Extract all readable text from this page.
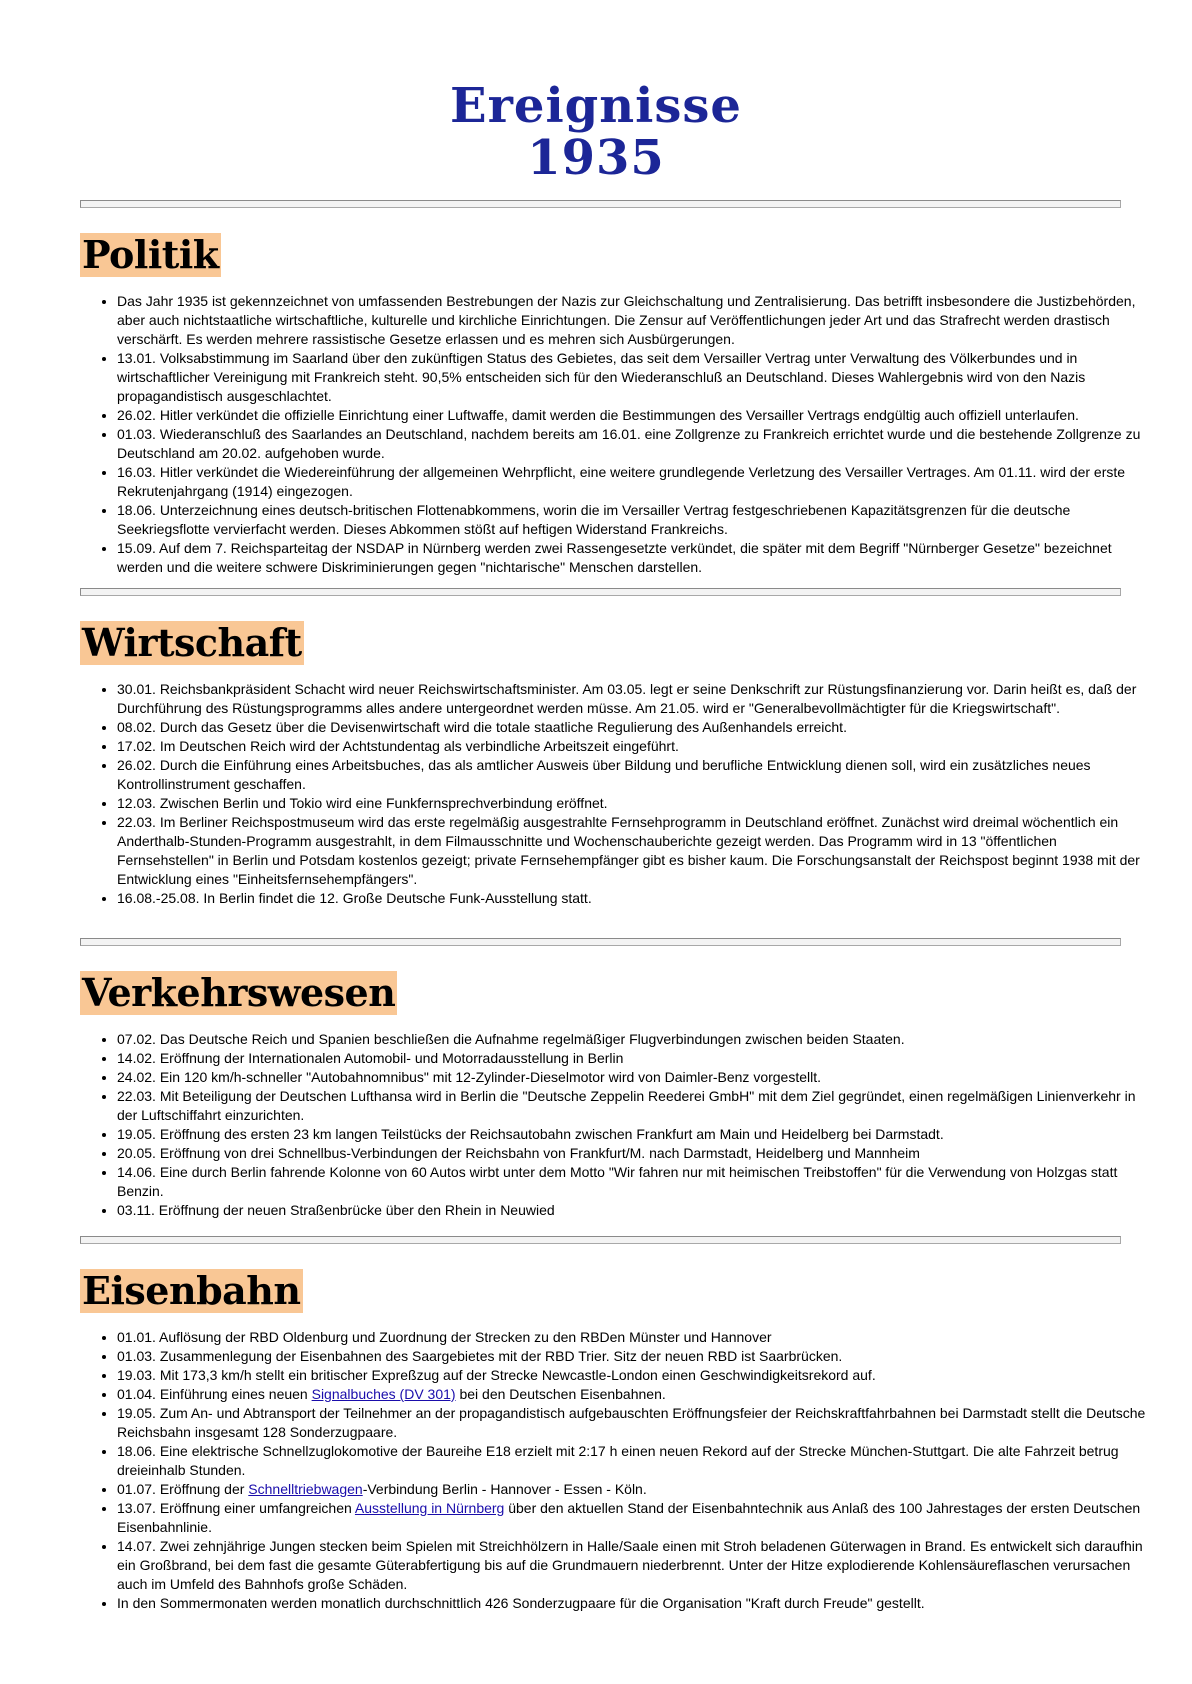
Ereignisse
1935
Politik
• Das Jahr 1935 ist gekennzeichnet von umfassenden Bestrebungen der Nazis zur Gleichschaltung und Zentralisierung. Das betrifft insbesondere die Justizbehörden, aber auch nichtstaatliche wirtschaftliche, kulturelle und kirchliche Einrichtungen. Die Zensur auf Veröffentlichungen jeder Art und das Strafrecht werden drastisch verschärft. Es werden mehrere rassistische Gesetze erlassen und es mehren sich Ausbürgerungen.
• 13.01. Volksabstimmung im Saarland über den zukünftigen Status des Gebietes, das seit dem Versailler Vertrag unter Verwaltung des Völkerbundes und in wirtschaftlicher Vereinigung mit Frankreich steht. 90,5% entscheiden sich für den Wiederanschluß an Deutschland. Dieses Wahlergebnis wird von den Nazis propagandistisch ausgeschlachtet.
• 26.02. Hitler verkündet die offizielle Einrichtung einer Luftwaffe, damit werden die Bestimmungen des Versailler Vertrags endgültig auch offiziell unterlaufen.
• 01.03. Wiederanschluß des Saarlandes an Deutschland, nachdem bereits am 16.01. eine Zollgrenze zu Frankreich errichtet wurde und die bestehende Zollgrenze zu Deutschland am 20.02. aufgehoben wurde.
• 16.03. Hitler verkündet die Wiedereinführung der allgemeinen Wehrpflicht, eine weitere grundlegende Verletzung des Versailler Vertrages. Am 01.11. wird der erste Rekrutenjahrgang (1914) eingezogen.
• 18.06. Unterzeichnung eines deutsch-britischen Flottenabkommens, worin die im Versailler Vertrag festgeschriebenen Kapazitätsgrenzen für die deutsche Seekriegsflotte vervierfacht werden. Dieses Abkommen stößt auf heftigen Widerstand Frankreichs.
• 15.09. Auf dem 7. Reichsparteitag der NSDAP in Nürnberg werden zwei Rassengesetzte verkündet, die später mit dem Begriff "Nürnberger Gesetze" bezeichnet werden und die weitere schwere Diskriminierungen gegen "nichtarische" Menschen darstellen.
Wirtschaft
• 30.01. Reichsbankpräsident Schacht wird neuer Reichswirtschaftsminister. Am 03.05. legt er seine Denkschrift zur Rüstungsfinanzierung vor. Darin heißt es, daß der Durchführung des Rüstungsprogramms alles andere untergeordnet werden müsse. Am 21.05. wird er "Generalbevollmächtigter für die Kriegswirtschaft".
• 08.02. Durch das Gesetz über die Devisenwirtschaft wird die totale staatliche Regulierung des Außenhandels erreicht.
• 17.02. Im Deutschen Reich wird der Achtstundentag als verbindliche Arbeitszeit eingeführt.
• 26.02. Durch die Einführung eines Arbeitsbuches, das als amtlicher Ausweis über Bildung und berufliche Entwicklung dienen soll, wird ein zusätzliches neues Kontrollinstrument geschaffen.
• 12.03. Zwischen Berlin und Tokio wird eine Funkfernsprechverbindung eröffnet.
• 22.03. Im Berliner Reichspostmuseum wird das erste regelmäßig ausgestrahlte Fernsehprogramm in Deutschland eröffnet. Zunächst wird dreimal wöchentlich ein Anderthalb-Stunden-Programm ausgestrahlt, in dem Filmausschnitte und Wochenschauberichte gezeigt werden. Das Programm wird in 13 "öffentlichen Fernsehstellen" in Berlin und Potsdam kostenlos gezeigt; private Fernsehempfänger gibt es bisher kaum. Die Forschungsanstalt der Reichspost beginnt 1938 mit der Entwicklung eines "Einheitsfernsehempfängers".
• 16.08.-25.08. In Berlin findet die 12. Große Deutsche Funk-Ausstellung statt.
Verkehrswesen
• 07.02. Das Deutsche Reich und Spanien beschließen die Aufnahme regelmäßiger Flugverbindungen zwischen beiden Staaten.
• 14.02. Eröffnung der Internationalen Automobil- und Motorradausstellung in Berlin
• 24.02. Ein 120 km/h-schneller "Autobahnomnibus" mit 12-Zylinder-Dieselmotor wird von Daimler-Benz vorgestellt.
• 22.03. Mit Beteiligung der Deutschen Lufthansa wird in Berlin die "Deutsche Zeppelin Reederei GmbH" mit dem Ziel gegründet, einen regelmäßigen Linienverkehr in der Luftschiffahrt einzurichten.
• 19.05. Eröffnung des ersten 23 km langen Teilstücks der Reichsautobahn zwischen Frankfurt am Main und Heidelberg bei Darmstadt.
• 20.05. Eröffnung von drei Schnellbus-Verbindungen der Reichsbahn von Frankfurt/M. nach Darmstadt, Heidelberg und Mannheim
• 14.06. Eine durch Berlin fahrende Kolonne von 60 Autos wirbt unter dem Motto "Wir fahren nur mit heimischen Treibstoffen" für die Verwendung von Holzgas statt Benzin.
• 03.11. Eröffnung der neuen Straßenbrücke über den Rhein in Neuwied
Eisenbahn
• 01.01. Auflösung der RBD Oldenburg und Zuordnung der Strecken zu den RBDen Münster und Hannover
• 01.03. Zusammenlegung der Eisenbahnen des Saargebietes mit der RBD Trier. Sitz der neuen RBD ist Saarbrücken.
• 19.03. Mit 173,3 km/h stellt ein britischer Expreßzug auf der Strecke Newcastle-London einen Geschwindigkeitsrekord auf.
• 01.04. Einführung eines neuen Signalbuches (DV 301) bei den Deutschen Eisenbahnen.
• 19.05. Zum An- und Abtransport der Teilnehmer an der propagandistisch aufgebauschten Eröffnungsfeier der Reichskraftfahrbahnen bei Darmstadt stellt die Deutsche Reichsbahn insgesamt 128 Sonderzugpaare.
• 18.06. Eine elektrische Schnellzuglokomotive der Baureihe E18 erzielt mit 2:17 h einen neuen Rekord auf der Strecke München-Stuttgart. Die alte Fahrzeit betrug dreieinhalb Stunden.
• 01.07. Eröffnung der Schnelltriebwagen-Verbindung Berlin - Hannover - Essen - Köln.
• 13.07. Eröffnung einer umfangreichen Ausstellung in Nürnberg über den aktuellen Stand der Eisenbahntechnik aus Anlaß des 100 Jahrestages der ersten Deutschen Eisenbahnlinie.
• 14.07. Zwei zehnjährige Jungen stecken beim Spielen mit Streichhölzern in Halle/Saale einen mit Stroh beladenen Güterwagen in Brand. Es entwickelt sich daraufhin ein Großbrand, bei dem fast die gesamte Güterabfertigung bis auf die Grundmauern niederbrennt. Unter der Hitze explodierende Kohlensäureflaschen verursachen auch im Umfeld des Bahnhofs große Schäden.
• In den Sommermonaten werden monatlich durchschnittlich 426 Sonderzugpaare für die Organisation "Kraft durch Freude" gestellt.
